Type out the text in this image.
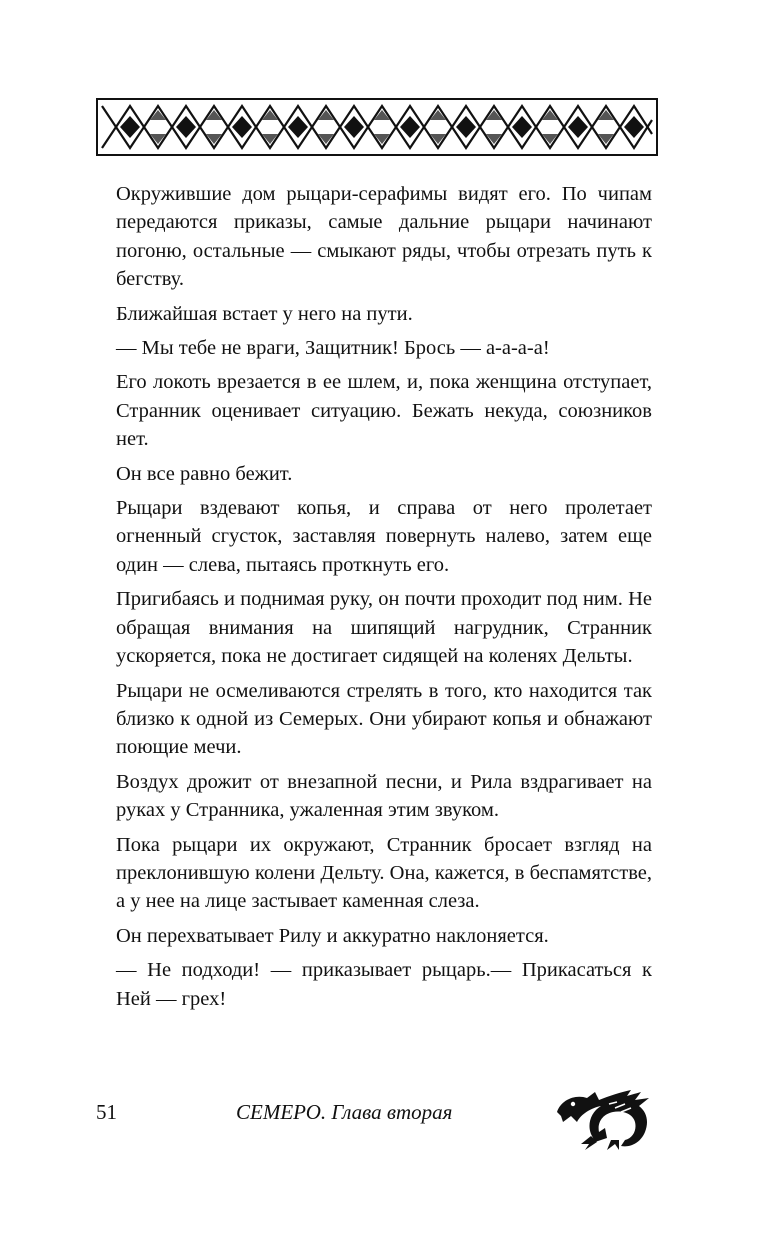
Окружившие дом рыцари-серафимы видят его. По чипам передаются приказы, самые дальние рыцари начинают погоню, остальные — смыкают ряды, чтобы отрезать путь к бегству.

Ближайшая встает у него на пути.

— Мы тебе не враги, Защитник! Брось — а-а-а-а!

Его локоть врезается в ее шлем, и, пока женщина отступает, Странник оценивает ситуацию. Бежать некуда, союзников нет.

Он все равно бежит.

Рыцари вздевают копья, и справа от него пролетает огненный сгусток, заставляя повернуть налево, затем еще один — слева, пытаясь проткнуть его.

Пригибаясь и поднимая руку, он почти проходит под ним. Не обращая внимания на шипящий нагрудник, Странник ускоряется, пока не достигает сидящей на коленях Дельты.

Рыцари не осмеливаются стрелять в того, кто находится так близко к одной из Семерых. Они убирают копья и обнажают поющие мечи.

Воздух дрожит от внезапной песни, и Рила вздрагивает на руках у Странника, ужаленная этим звуком.

Пока рыцари их окружают, Странник бросает взгляд на преклонившую колени Дельту. Она, кажется, в беспамятстве, а у нее на лице застывает каменная слеза.

Он перехватывает Рилу и аккуратно наклоняется.

— Не подходи! — приказывает рыцарь.— Прикасаться к Ней — грех!

51	СЕМЕРО. Глава вторая
